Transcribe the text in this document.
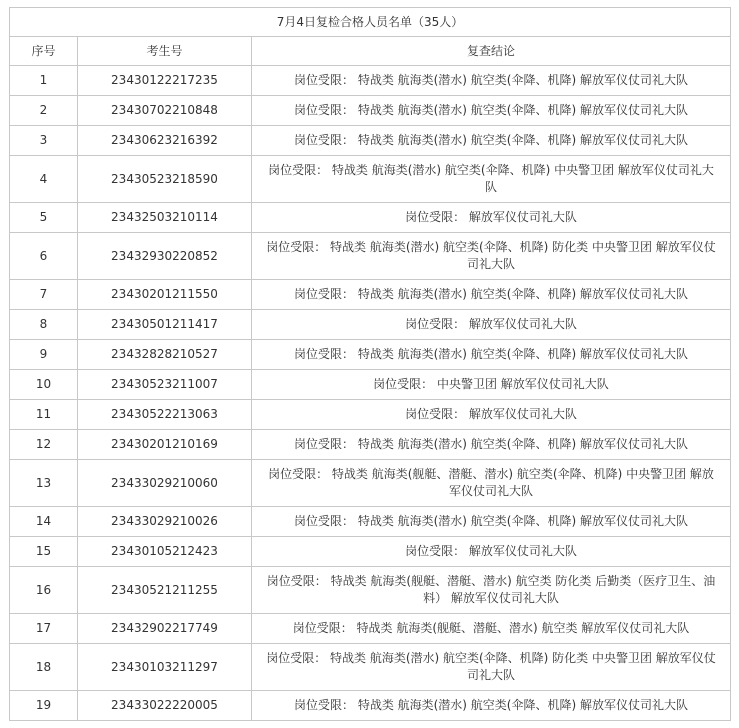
7月4日复检合格人员名单（35人）		
序号	考生号	复查结论
1	23430122217235	岗位受限： 特战类 航海类(潜水) 航空类(伞降、机降) 解放军仪仗司礼大队
2	23430702210848	岗位受限： 特战类 航海类(潜水) 航空类(伞降、机降) 解放军仪仗司礼大队
3	23430623216392	岗位受限： 特战类 航海类(潜水) 航空类(伞降、机降) 解放军仪仗司礼大队
4	23430523218590	岗位受限： 特战类 航海类(潜水) 航空类(伞降、机降) 中央警卫团 解放军仪仗司礼大队
5	23432503210114	岗位受限： 解放军仪仗司礼大队
6	23432930220852	岗位受限： 特战类 航海类(潜水) 航空类(伞降、机降) 防化类 中央警卫团 解放军仪仗司礼大队
7	23430201211550	岗位受限： 特战类 航海类(潜水) 航空类(伞降、机降) 解放军仪仗司礼大队
8	23430501211417	岗位受限： 解放军仪仗司礼大队
9	23432828210527	岗位受限： 特战类 航海类(潜水) 航空类(伞降、机降) 解放军仪仗司礼大队
10	23430523211007	岗位受限： 中央警卫团 解放军仪仗司礼大队
11	23430522213063	岗位受限： 解放军仪仗司礼大队
12	23430201210169	岗位受限： 特战类 航海类(潜水) 航空类(伞降、机降) 解放军仪仗司礼大队
13	23433029210060	岗位受限： 特战类 航海类(舰艇、潜艇、潜水) 航空类(伞降、机降) 中央警卫团 解放军仪仗司礼大队
14	23433029210026	岗位受限： 特战类 航海类(潜水) 航空类(伞降、机降) 解放军仪仗司礼大队
15	23430105212423	岗位受限： 解放军仪仗司礼大队
16	23430521211255	岗位受限： 特战类 航海类(舰艇、潜艇、潜水) 航空类 防化类 后勤类（医疗卫生、油料） 解放军仪仗司礼大队
17	23432902217749	岗位受限： 特战类 航海类(舰艇、潜艇、潜水) 航空类 解放军仪仗司礼大队
18	23430103211297	岗位受限： 特战类 航海类(潜水) 航空类(伞降、机降) 防化类 中央警卫团 解放军仪仗司礼大队
19	23433022220005	岗位受限： 特战类 航海类(潜水) 航空类(伞降、机降) 解放军仪仗司礼大队
